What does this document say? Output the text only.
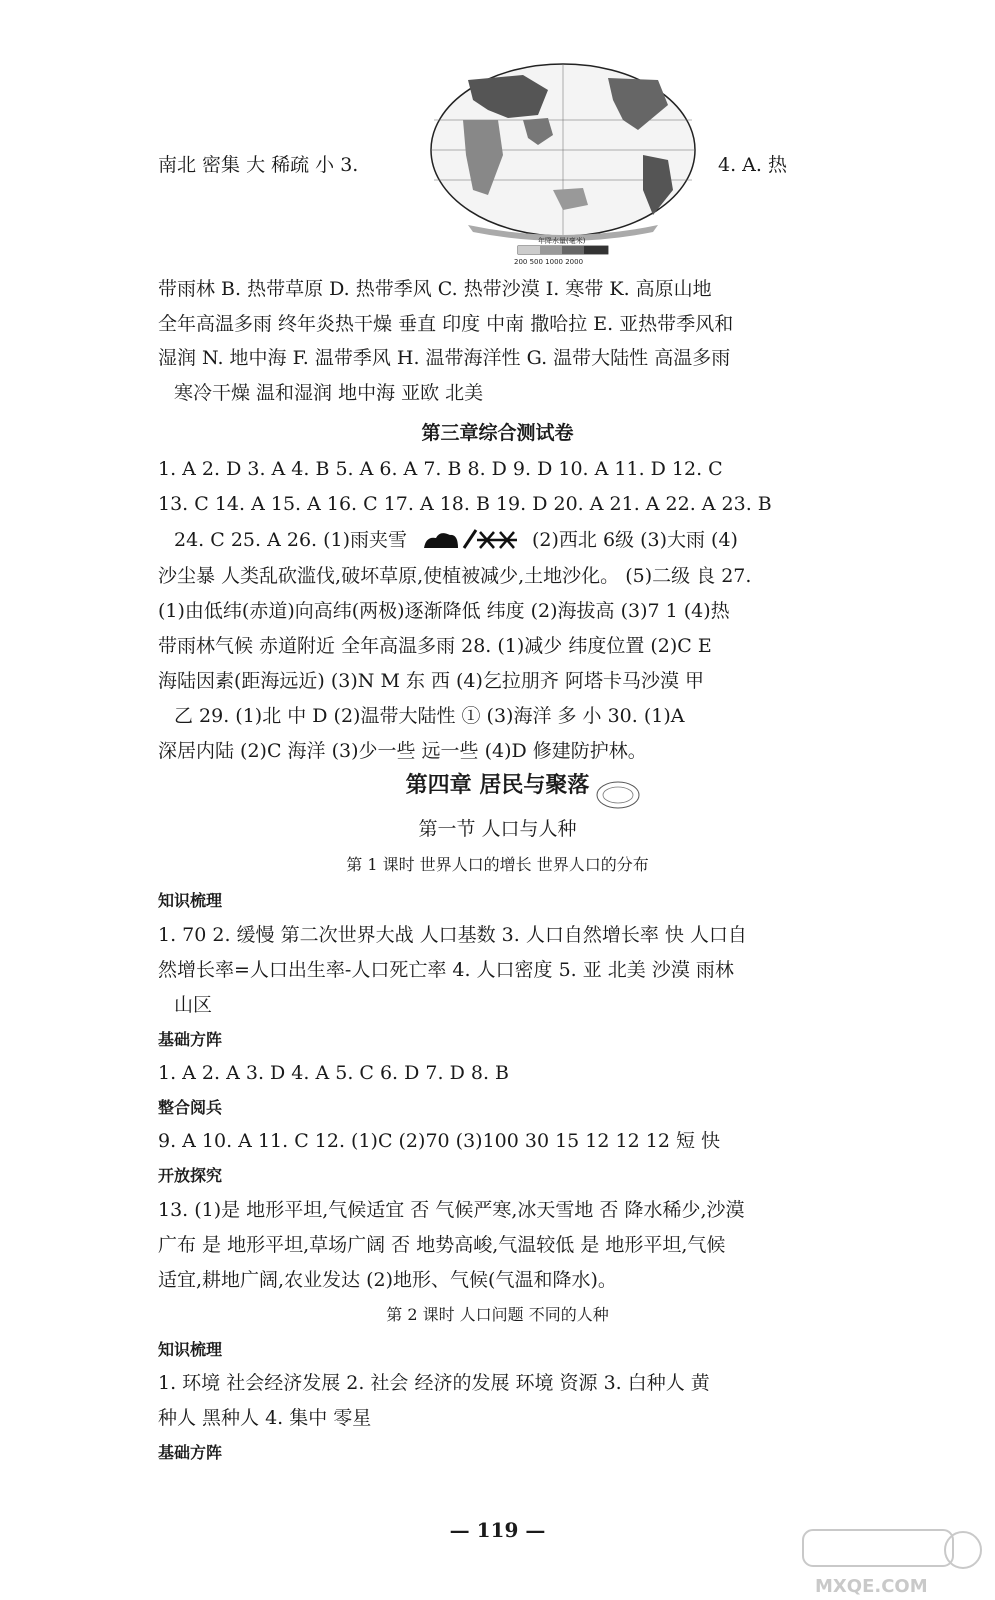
南北 密集 大 稀疏 小 3.	4. A. 热
年降水量(毫米)
200 500 1000 2000
带雨林 B. 热带草原 D. 热带季风 C. 热带沙漠 I. 寒带 K. 高原山地
全年高温多雨 终年炎热干燥 垂直 印度 中南 撒哈拉 E. 亚热带季风和
湿润 N. 地中海 F. 温带季风 H. 温带海洋性 G. 温带大陆性 高温多雨
寒冷干燥 温和湿润 地中海 亚欧 北美
第三章综合测试卷
1. A 2. D 3. A 4. B 5. A 6. A 7. B 8. D 9. D 10. A 11. D 12. C
13. C 14. A 15. A 16. C 17. A 18. B 19. D 20. A 21. A 22. A 23. B
24. C 25. A 26. (1)雨夹雪	(2)西北 6级 (3)大雨 (4)
沙尘暴 人类乱砍滥伐,破坏草原,使植被减少,土地沙化。 (5)二级 良 27.
(1)由低纬(赤道)向高纬(两极)逐渐降低 纬度 (2)海拔高 (3)7 1 (4)热
带雨林气候 赤道附近 全年高温多雨 28. (1)减少 纬度位置 (2)C E
海陆因素(距海远近) (3)N M 东 西 (4)乞拉朋齐 阿塔卡马沙漠 甲
乙 29. (1)北 中 D (2)温带大陆性 ① (3)海洋 多 小 30. (1)A
深居内陆 (2)C 海洋 (3)少一些 远一些 (4)D 修建防护林。
第四章 居民与聚落
第一节 人口与人种
第 1 课时 世界人口的增长 世界人口的分布
知识梳理
1. 70 2. 缓慢 第二次世界大战 人口基数 3. 人口自然增长率 快 人口自
然增长率=人口出生率-人口死亡率 4. 人口密度 5. 亚 北美 沙漠 雨林
山区
基础方阵
1. A 2. A 3. D 4. A 5. C 6. D 7. D 8. B
整合阅兵
9. A 10. A 11. C 12. (1)C (2)70 (3)100 30 15 12 12 12 短 快
开放探究
13. (1)是 地形平坦,气候适宜 否 气候严寒,冰天雪地 否 降水稀少,沙漠
广布 是 地形平坦,草场广阔 否 地势高峻,气温较低 是 地形平坦,气候
适宜,耕地广阔,农业发达 (2)地形、气候(气温和降水)。
第 2 课时 人口问题 不同的人种
知识梳理
1. 环境 社会经济发展 2. 社会 经济的发展 环境 资源 3. 白种人 黄
种人 黑种人 4. 集中 零星
基础方阵
— 119 —
MXQE.COM
